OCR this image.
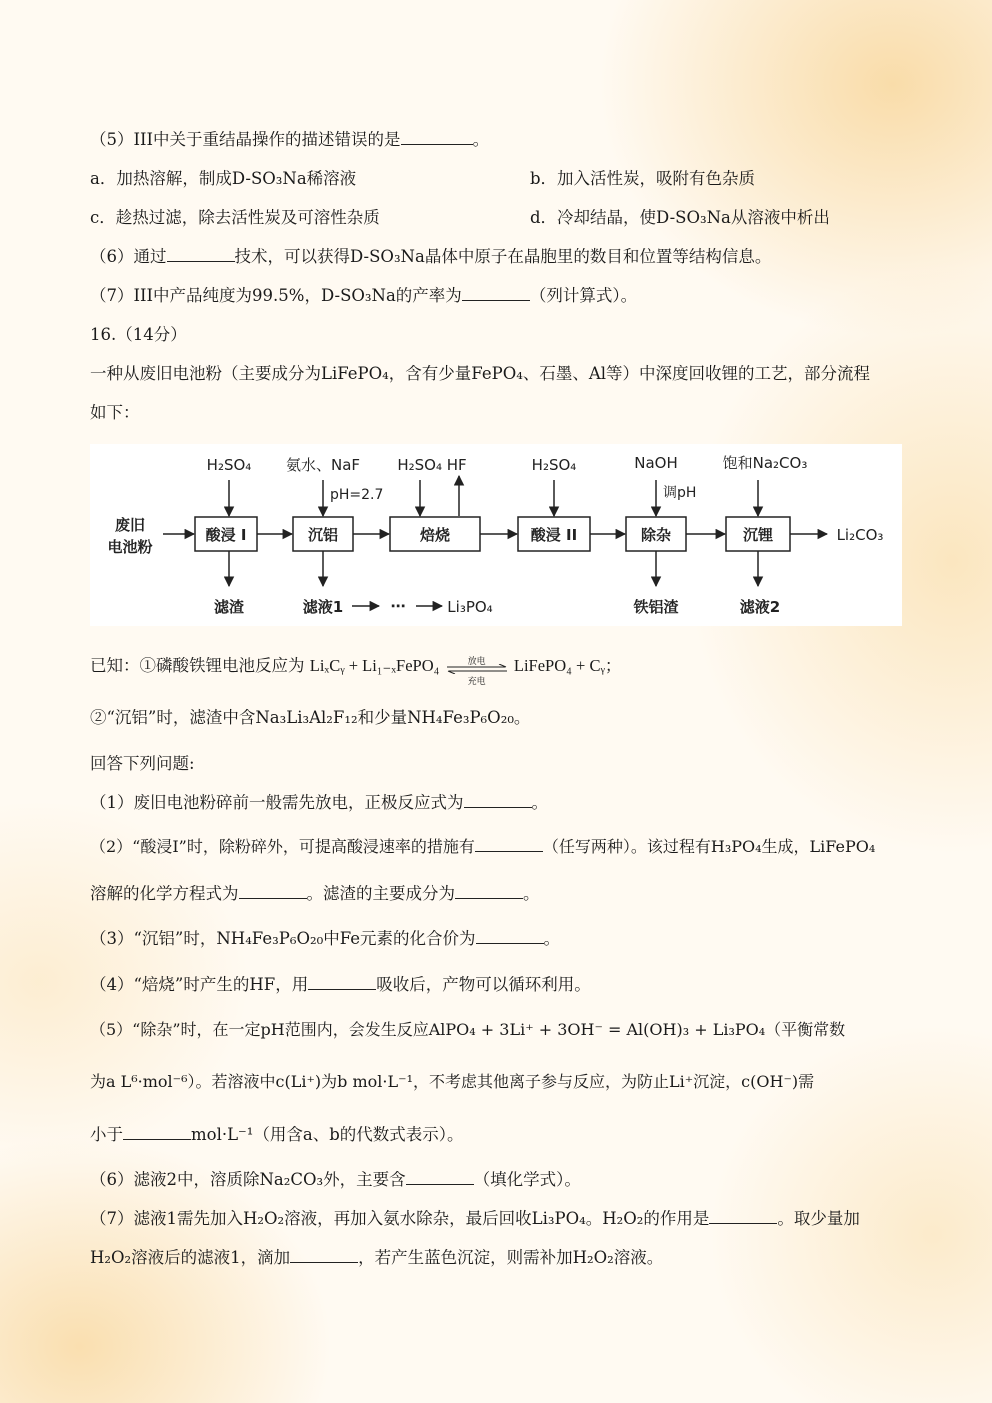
（5）III中关于重结晶操作的描述错误的是	。
a．加热溶解，制成D-SO₃Na稀溶液	b．加入活性炭，吸附有色杂质
c．趁热过滤，除去活性炭及可溶性杂质	d．冷却结晶，使D-SO₃Na从溶液中析出
（6）通过	技术，可以获得D-SO₃Na晶体中原子在晶胞里的数目和位置等结构信息。
（7）III中产品纯度为99.5%，D-SO₃Na的产率为	（列计算式）。
16.（14分）
一种从废旧电池粉（主要成分为LiFePO₄，含有少量FePO₄、石墨、Al等）中深度回收锂的工艺，部分流程
如下：
废旧
电池粉
酸浸 I	沉铝	焙烧	酸浸 II	除杂	沉锂
H₂SO₄ 氨水、NaF H₂SO₄ HF	H₂SO₄	NaOH	饱和Na₂CO₃
pH=2.7	调pH
滤渣	滤液1	⋯	Li₃PO₄	铁铝渣	滤液2
Li₂CO₃
已知：①磷酸铁锂电池反应为 LiₓCᵧ + Li₁₋ₓFePO₄	放电
充电
LiFePO₄ + Cᵧ；
②“沉铝”时，滤渣中含Na₃Li₃Al₂F₁₂和少量NH₄Fe₃P₆O₂₀。
回答下列问题:
（1）废旧电池粉碎前一般需先放电，正极反应式为	。
（2）“酸浸I”时，除粉碎外，可提高酸浸速率的措施有	（任写两种）。该过程有H₃PO₄生成，LiFePO₄
溶解的化学方程式为	。滤渣的主要成分为	。
（3）“沉铝”时，NH₄Fe₃P₆O₂₀中Fe元素的化合价为	。
（4）“焙烧”时产生的HF，用	吸收后，产物可以循环利用。
（5）“除杂”时，在一定pH范围内，会发生反应AlPO₄ + 3Li⁺ + 3OH⁻ = Al(OH)₃ + Li₃PO₄（平衡常数
为a L⁶·mol⁻⁶）。若溶液中c(Li⁺)为b mol·L⁻¹，不考虑其他离子参与反应，为防止Li⁺沉淀，c(OH⁻)需
小于	mol·L⁻¹（用含a、b的代数式表示）。
（6）滤液2中，溶质除Na₂CO₃外，主要含	（填化学式）。
（7）滤液1需先加入H₂O₂溶液，再加入氨水除杂，最后回收Li₃PO₄。H₂O₂的作用是	。取少量加
H₂O₂溶液后的滤液1，滴加	，若产生蓝色沉淀，则需补加H₂O₂溶液。
